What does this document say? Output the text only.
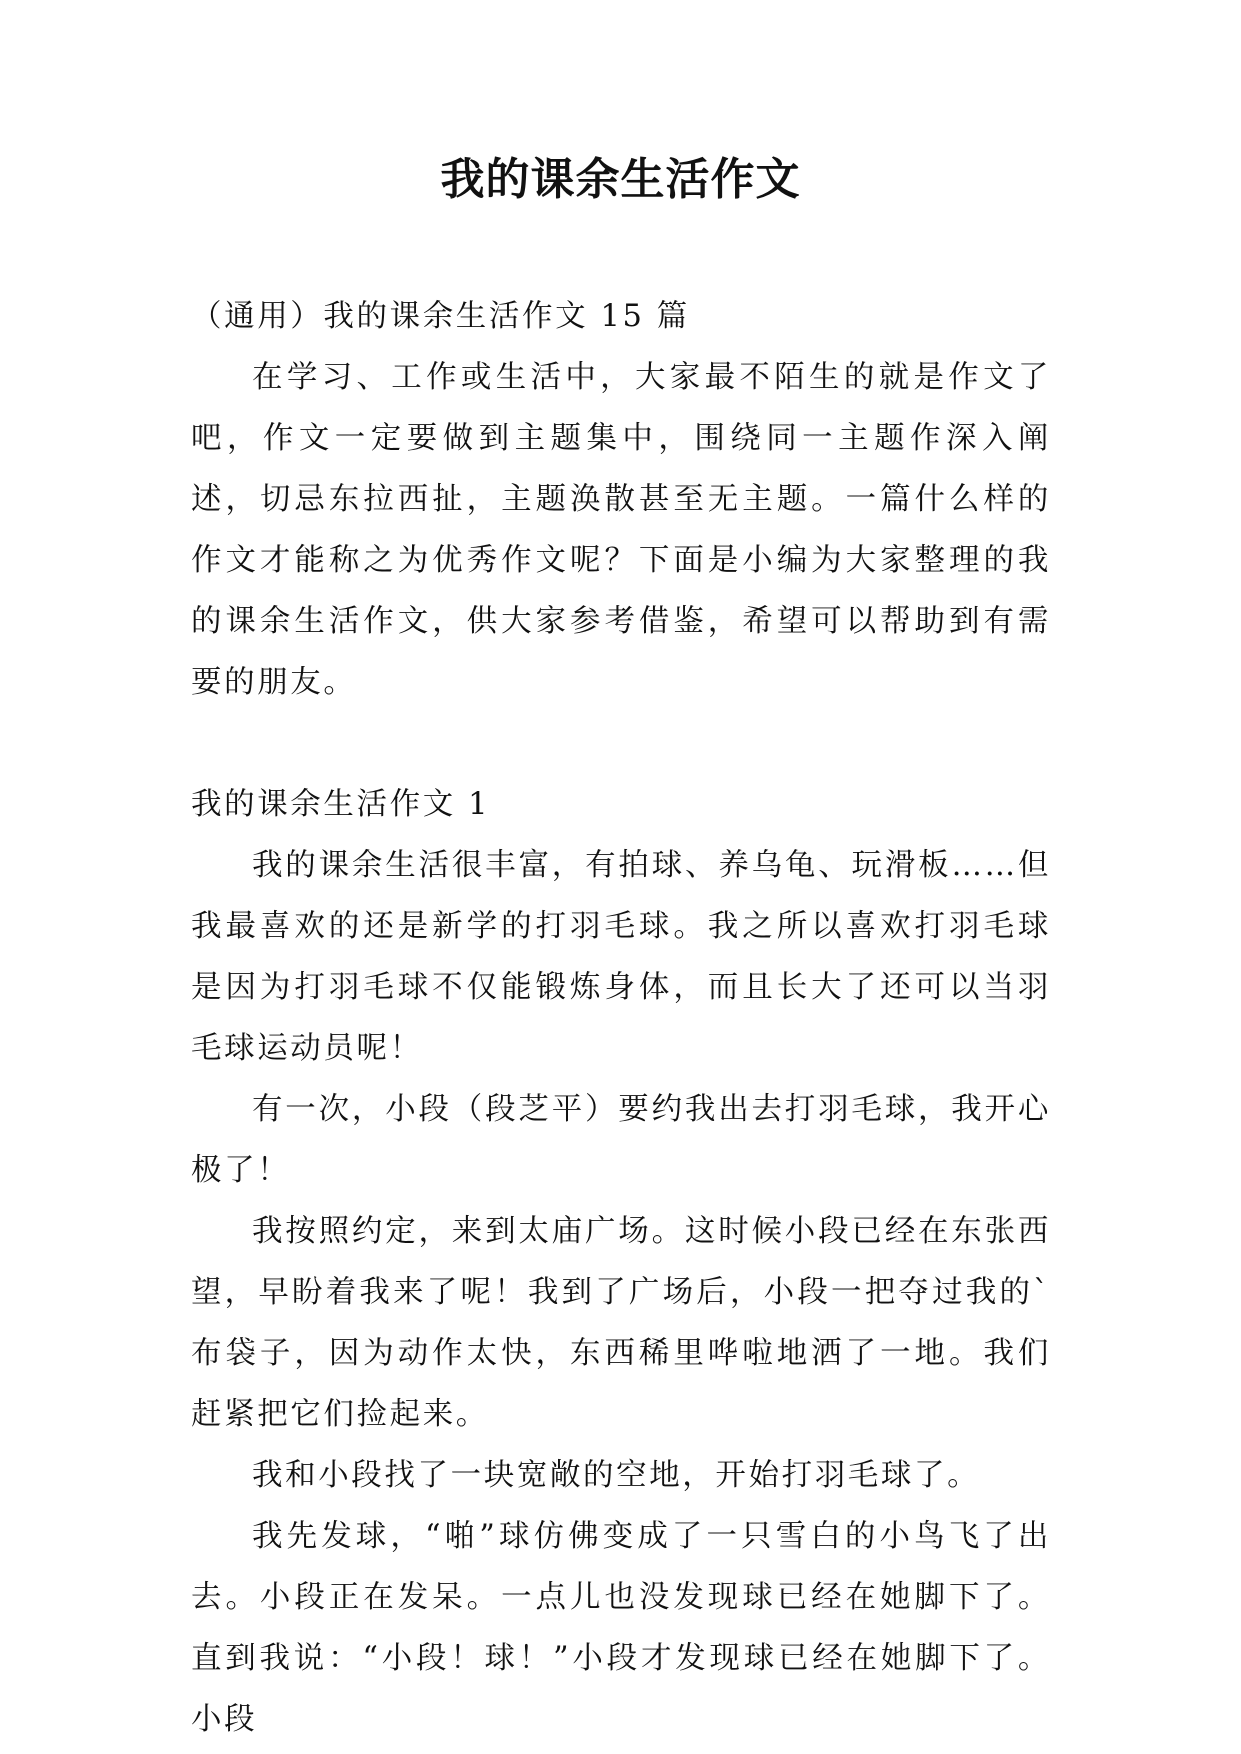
我的课余生活作文

（通用）我的课余生活作文 15 篇

在学习、工作或生活中，大家最不陌生的就是作文了吧，作文一定要做到主题集中，围绕同一主题作深入阐述，切忌东拉西扯，主题涣散甚至无主题。一篇什么样的作文才能称之为优秀作文呢？下面是小编为大家整理的我的课余生活作文，供大家参考借鉴，希望可以帮助到有需要的朋友。

我的课余生活作文 1

我的课余生活很丰富，有拍球、养乌龟、玩滑板……但我最喜欢的还是新学的打羽毛球。我之所以喜欢打羽毛球是因为打羽毛球不仅能锻炼身体，而且长大了还可以当羽毛球运动员呢！

有一次，小段（段芝平）要约我出去打羽毛球，我开心极了！

我按照约定，来到太庙广场。这时候小段已经在东张西望，早盼着我来了呢！我到了广场后，小段一把夺过我的`布袋子，因为动作太快，东西稀里哗啦地洒了一地。我们赶紧把它们捡起来。

我和小段找了一块宽敞的空地，开始打羽毛球了。

我先发球，“啪”球仿佛变成了一只雪白的小鸟飞了出去。小段正在发呆。一点儿也没发现球已经在她脚下了。直到我说：“小段！球！”小段才发现球已经在她脚下了。小段
